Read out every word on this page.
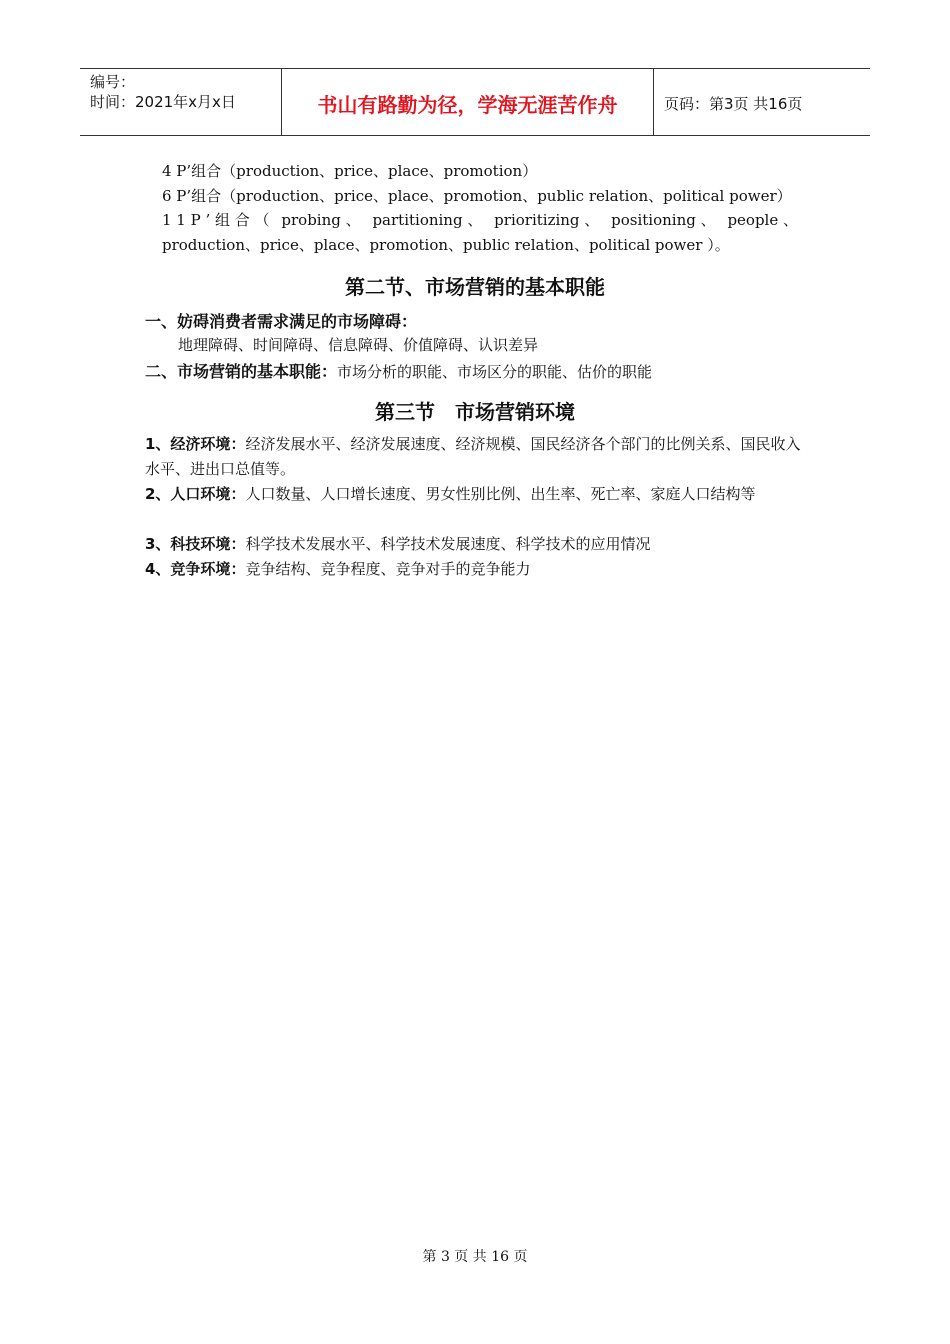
编号：
时间：2021年x月x日	书山有路勤为径，学海无涯苦作舟	页码：第3页 共16页
4 P’组合（production、price、place、promotion）
6 P’组合（production、price、place、promotion、public relation、political power）
1 1 P ’ 组 合 （ probing 、 partitioning 、 prioritizing 、 positioning 、 people 、
production、price、place、promotion、public relation、political power ）。
第二节、市场营销的基本职能
一、妨碍消费者需求满足的市场障碍：
地理障碍、时间障碍、信息障碍、价值障碍、认识差异
二、市场营销的基本职能：市场分析的职能、市场区分的职能、估价的职能
第三节　市场营销环境
1、经济环境：经济发展水平、经济发展速度、经济规模、国民经济各个部门的比例关系、国民收入水平、进出口总值等。
2、人口环境：人口数量、人口增长速度、男女性别比例、出生率、死亡率、家庭人口结构等
3、科技环境：科学技术发展水平、科学技术发展速度、科学技术的应用情况
4、竞争环境：竞争结构、竞争程度、竞争对手的竞争能力
第 3 页 共 16 页
